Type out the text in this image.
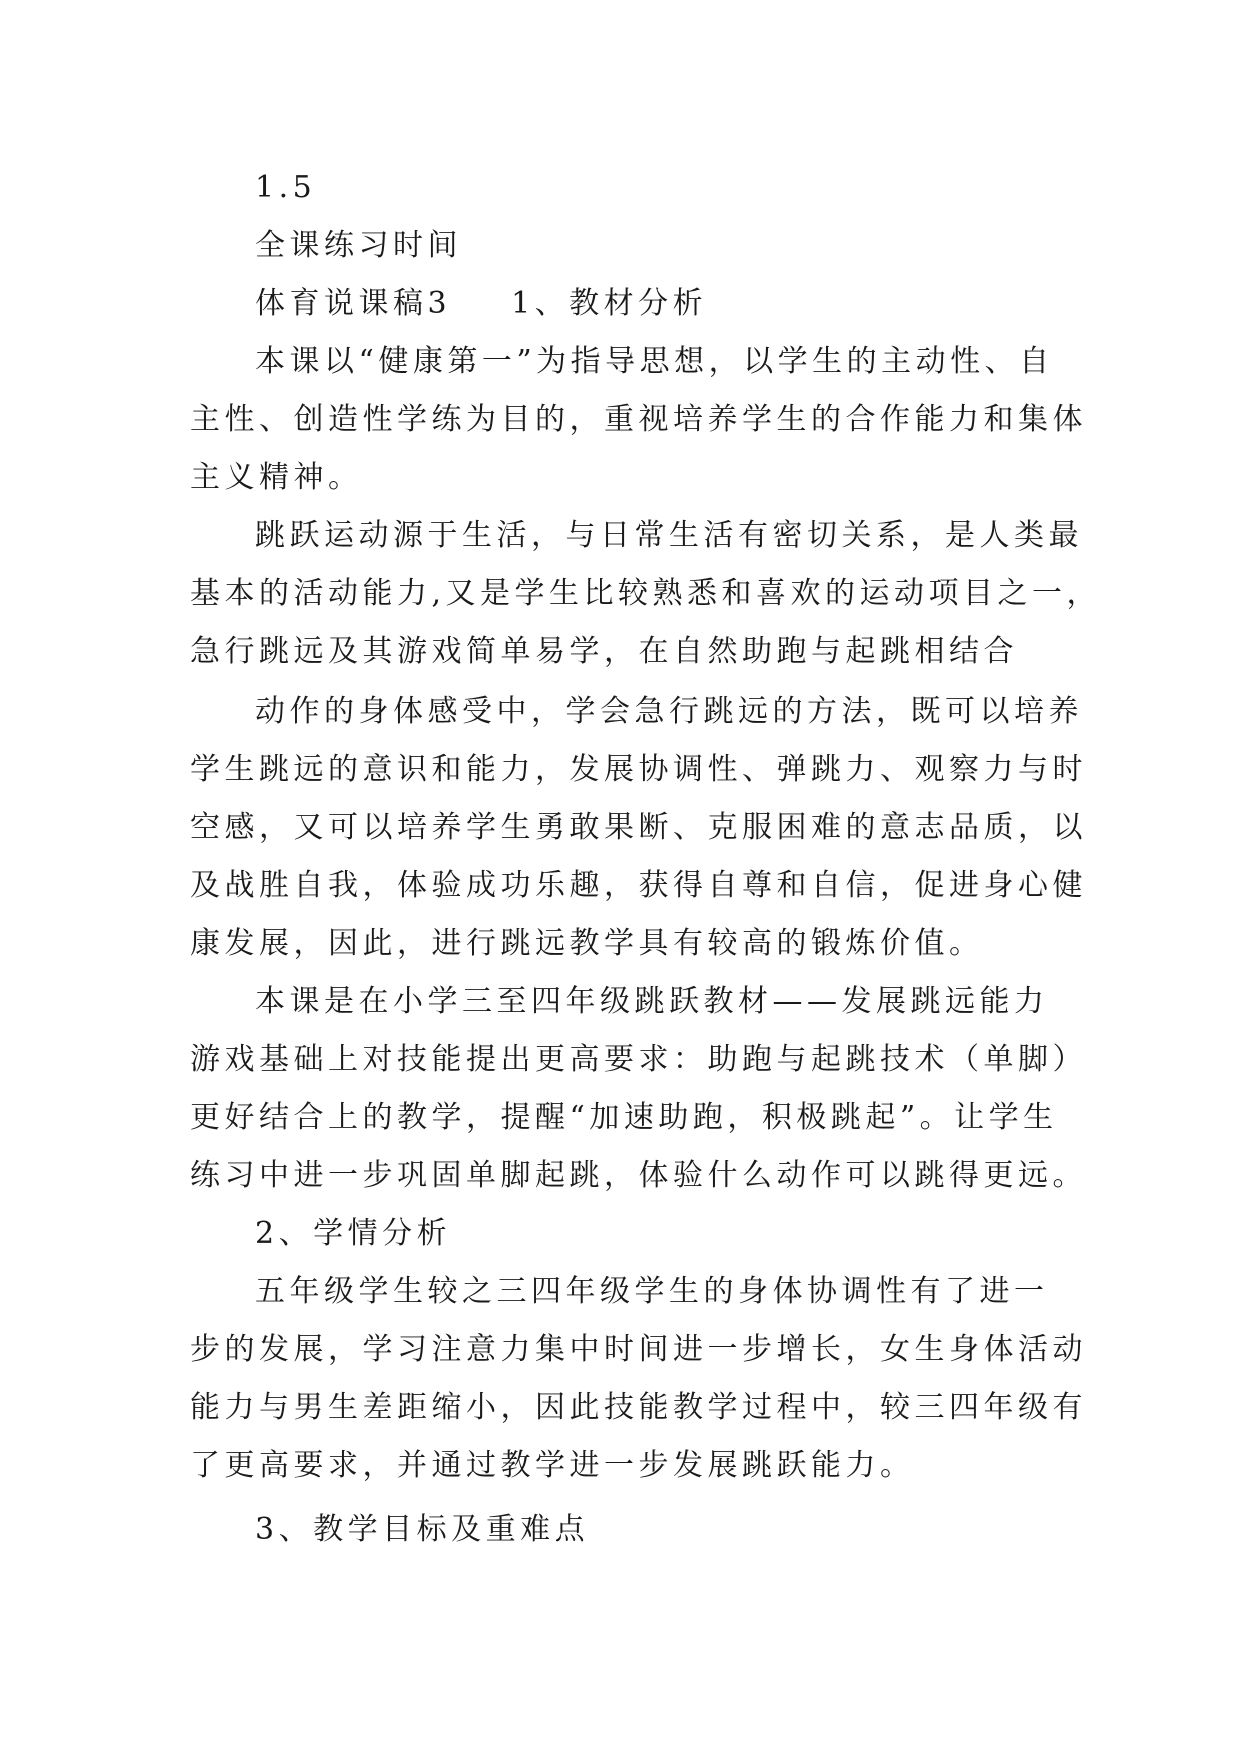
1.5
全课练习时间
体育说课稿3 1、教材分析
本课以“健康第一”为指导思想，以学生的主动性、自
主性、创造性学练为目的，重视培养学生的合作能力和集体
主义精神。
跳跃运动源于生活，与日常生活有密切关系，是人类最
基本的活动能力,又是学生比较熟悉和喜欢的运动项目之一，
急行跳远及其游戏简单易学，在自然助跑与起跳相结合
动作的身体感受中，学会急行跳远的方法，既可以培养
学生跳远的意识和能力，发展协调性、弹跳力、观察力与时
空感，又可以培养学生勇敢果断、克服困难的意志品质，以
及战胜自我，体验成功乐趣，获得自尊和自信，促进身心健
康发展，因此，进行跳远教学具有较高的锻炼价值。
本课是在小学三至四年级跳跃教材——发展跳远能力
游戏基础上对技能提出更高要求：助跑与起跳技术（单脚）
更好结合上的教学，提醒“加速助跑，积极跳起”。让学生
练习中进一步巩固单脚起跳，体验什么动作可以跳得更远。
2、学情分析
五年级学生较之三四年级学生的身体协调性有了进一
步的发展，学习注意力集中时间进一步增长，女生身体活动
能力与男生差距缩小，因此技能教学过程中，较三四年级有
了更高要求，并通过教学进一步发展跳跃能力。
3、教学目标及重难点
